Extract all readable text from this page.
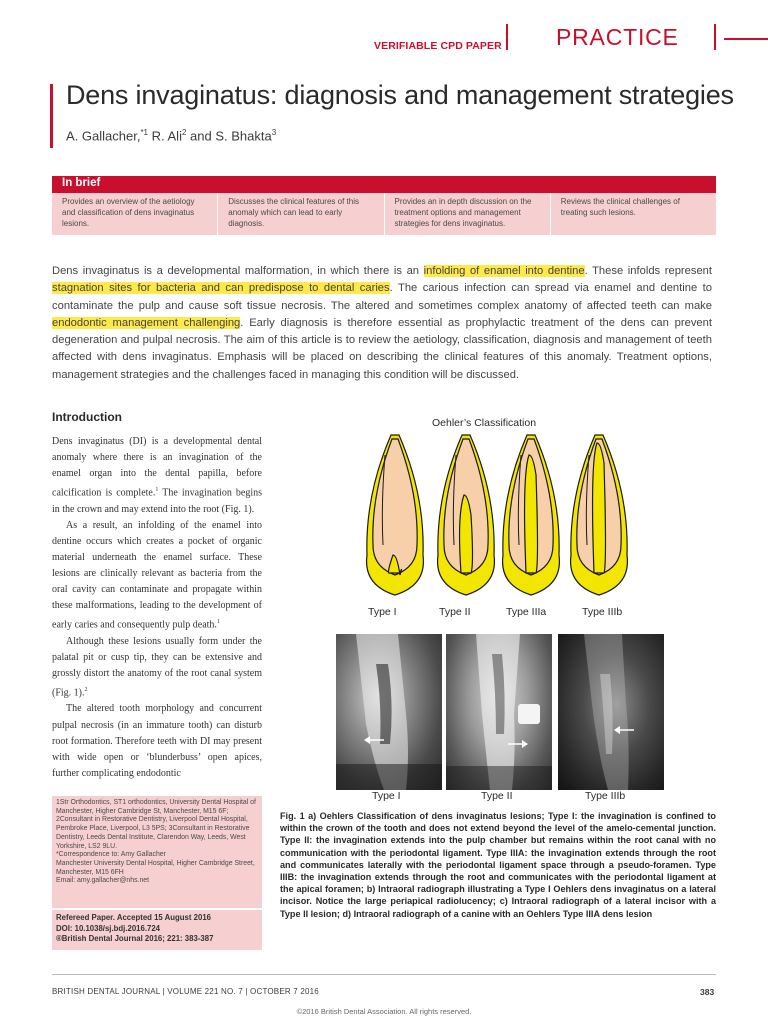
VERIFIABLE CPD PAPER PRACTICE
Dens invaginatus: diagnosis and management strategies
A. Gallacher,$^{*1}$ R. Ali$^2$ and S. Bhakta$^3$
In brief
Provides an overview of the aetiology and classification of dens invaginatus lesions.
Discusses the clinical features of this anomaly which can lead to early diagnosis.
Provides an in depth discussion on the treatment options and management strategies for dens invaginatus.
Reviews the clinical challenges of treating such lesions.
Dens invaginatus is a developmental malformation, in which there is an infolding of enamel into dentine. These infolds represent stagnation sites for bacteria and can predispose to dental caries. The carious infection can spread via enamel and dentine to contaminate the pulp and cause soft tissue necrosis. The altered and sometimes complex anatomy of affected teeth can make endodontic management challenging. Early diagnosis is therefore essential as prophylactic treatment of the dens can prevent degeneration and pulpal necrosis. The aim of this article is to review the aetiology, classification, diagnosis and management of teeth affected with dens invaginatus. Emphasis will be placed on describing the clinical features of this anomaly. Treatment options, management strategies and the challenges faced in managing this condition will be discussed.
Introduction

Dens invaginatus (DI) is a developmental dental anomaly where there is an invagination of the enamel organ into the dental papilla, before calcification is complete.$^1$ The invagination begins in the crown and may extend into the root (Fig. 1).

As a result, an infolding of the enamel into dentine occurs which creates a pocket of organic material underneath the enamel surface. These lesions are clinically relevant as bacteria from the oral cavity can contaminate and propagate within these malformations, leading to the development of early caries and consequently pulp death.$^1$

Although these lesions usually form under the palatal pit or cusp tip, they can be extensive and grossly distort the anatomy of the root canal system (Fig. 1).$^2$

The altered tooth morphology and concurrent pulpal necrosis (in an immature tooth) can disturb root formation. Therefore teeth with DI may present with wide open or ‘blunderbuss’ open apices, further complicating endodontic

1Str Orthodontics, ST1 orthodontics, University Dental Hospital of Manchester, Higher Cambridge St, Manchester, M15 6F; 2Consultant in Restorative Dentistry, Liverpool Dental Hospital, Pembroke Place, Liverpool, L3 5PS; 3Consultant in Restorative Dentistry, Leeds Dental Institute, Clarendon Way, Leeds, West Yorkshire, LS2 9LU.
*Correspondence to: Amy Gallacher
Manchester University Dental Hospital, Higher Cambridge Street, Manchester, M15 6FH
Email: amy.gallacher@nhs.net
Refereed Paper. Accepted 15 August 2016
DOI: 10.1038/sj.bdj.2016.724
®British Dental Journal 2016; 221: 383-387
Oehler’s Classification
Type I	Type II	Type IIIa	Type IIIb
Type I	Type II	Type IIIb
Fig. 1 a) Oehlers Classification of dens invaginatus lesions; Type I: the invagination is confined to within the crown of the tooth and does not extend beyond the level of the amelo-cemental junction. Type II: the invagination extends into the pulp chamber but remains within the root canal with no communication with the periodontal ligament. Type IIIA: the invagination extends through the root and communicates laterally with the periodontal ligament space through a pseudo-foramen. Type IIIB: the invagination extends through the root and communicates with the periodontal ligament at the apical foramen; b) Intraoral radiograph illustrating a Type I Oehlers dens invaginatus on a lateral incisor. Notice the large periapical radiolucency; c) Intraoral radiograph of a lateral incisor with a Type II lesion; d) Intraoral radiograph of a canine with an Oehlers Type IIIA dens lesion
BRITISH DENTAL JOURNAL | VOLUME 221 NO. 7 | OCTOBER 7 2016	383
©2016 British Dental Association. All rights reserved.
